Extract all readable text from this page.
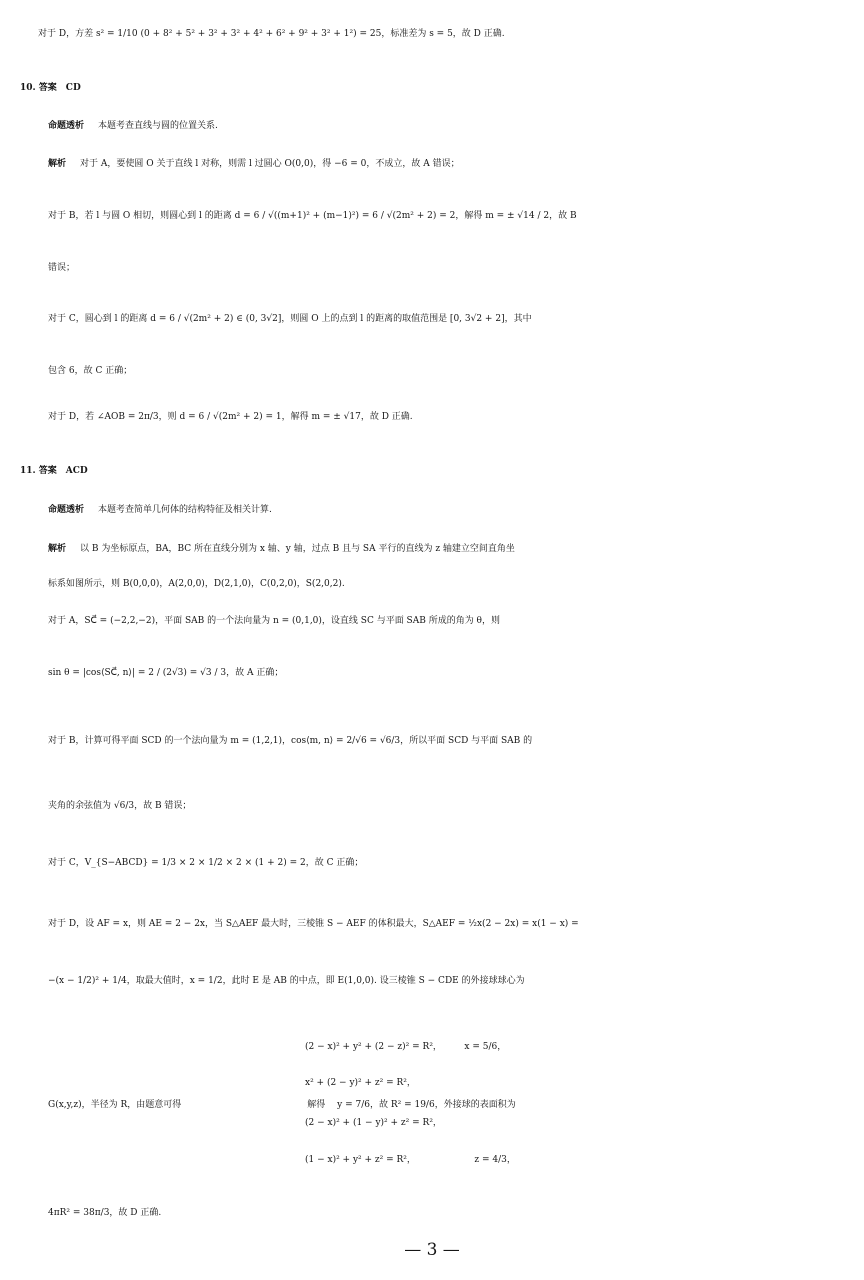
对于 D，方差 s² = 1/10 (0 + 8² + 5² + 3² + 3² + 4² + 6² + 9² + 3² + 1²) = 25，标准差为 s = 5，故 D 正确.
10. 答案　CD
命题透析 本题考查直线与圆的位置关系.
解析 对于 A，要使圆 O 关于直线 l 对称，则需 l 过圆心 O(0,0)，得 −6 = 0，不成立，故 A 错误；
对于 B，若 l 与圆 O 相切，则圆心到 l 的距离 d = 6 / √((m+1)² + (m−1)²) = 6 / √(2m² + 2) = 2，解得 m = ± √14 / 2，故 B
错误；
对于 C，圆心到 l 的距离 d = 6 / √(2m² + 2) ∈ (0, 3√2]，则圆 O 上的点到 l 的距离的取值范围是 [0, 3√2 + 2]，其中
包含 6，故 C 正确；
对于 D，若 ∠AOB = 2π/3，则 d = 6 / √(2m² + 2) = 1，解得 m = ± √17，故 D 正确.
11. 答案　ACD
命题透析 本题考查简单几何体的结构特征及相关计算.
解析 以 B 为坐标原点，BA，BC 所在直线分别为 x 轴、y 轴，过点 B 且与 SA 平行的直线为 z 轴建立空间直角坐
标系如图所示，则 B(0,0,0)，A(2,0,0)，D(2,1,0)，C(0,2,0)，S(2,0,2).
对于 A，SC⃗ = (−2,2,−2)，平面 SAB 的一个法向量为 n = (0,1,0)，设直线 SC 与平面 SAB 所成的角为 θ，则
sin θ = |cos⟨SC⃗, n⟩| = 2 / (2√3) = √3 / 3，故 A 正确；
对于 B，计算可得平面 SCD 的一个法向量为 m = (1,2,1)，cos⟨m, n⟩ = 2/√6 = √6/3，所以平面 SCD 与平面 SAB 的
夹角的余弦值为 √6/3，故 B 错误；
对于 C，V_{S−ABCD} = 1/3 × 2 × 1/2 × 2 × (1 + 2) = 2，故 C 正确；
对于 D，设 AF = x，则 AE = 2 − 2x，当 S△AEF 最大时，三棱锥 S − AEF 的体积最大，S△AEF = ½x(2 − 2x) = x(1 − x) =
−(x − 1/2)² + 1/4，取最大值时，x = 1/2，此时 E 是 AB 的中点，即 E(1,0,0). 设三棱锥 S − CDE 的外接球球心为
(2 − x)² + y² + (2 − z)² = R²，　　　x = 5/6，
x² + (2 − y)² + z² = R²，
G(x,y,z)，半径为 R，由题意可得　　　　　　　　　　　　　　解得　 y = 7/6，故 R² = 19/6，外接球的表面积为
(2 − x)² + (1 − y)² + z² = R²，
(1 − x)² + y² + z² = R²，　　　　　　　z = 4/3，
4πR² = 38π/3，故 D 正确.
— 3 —
